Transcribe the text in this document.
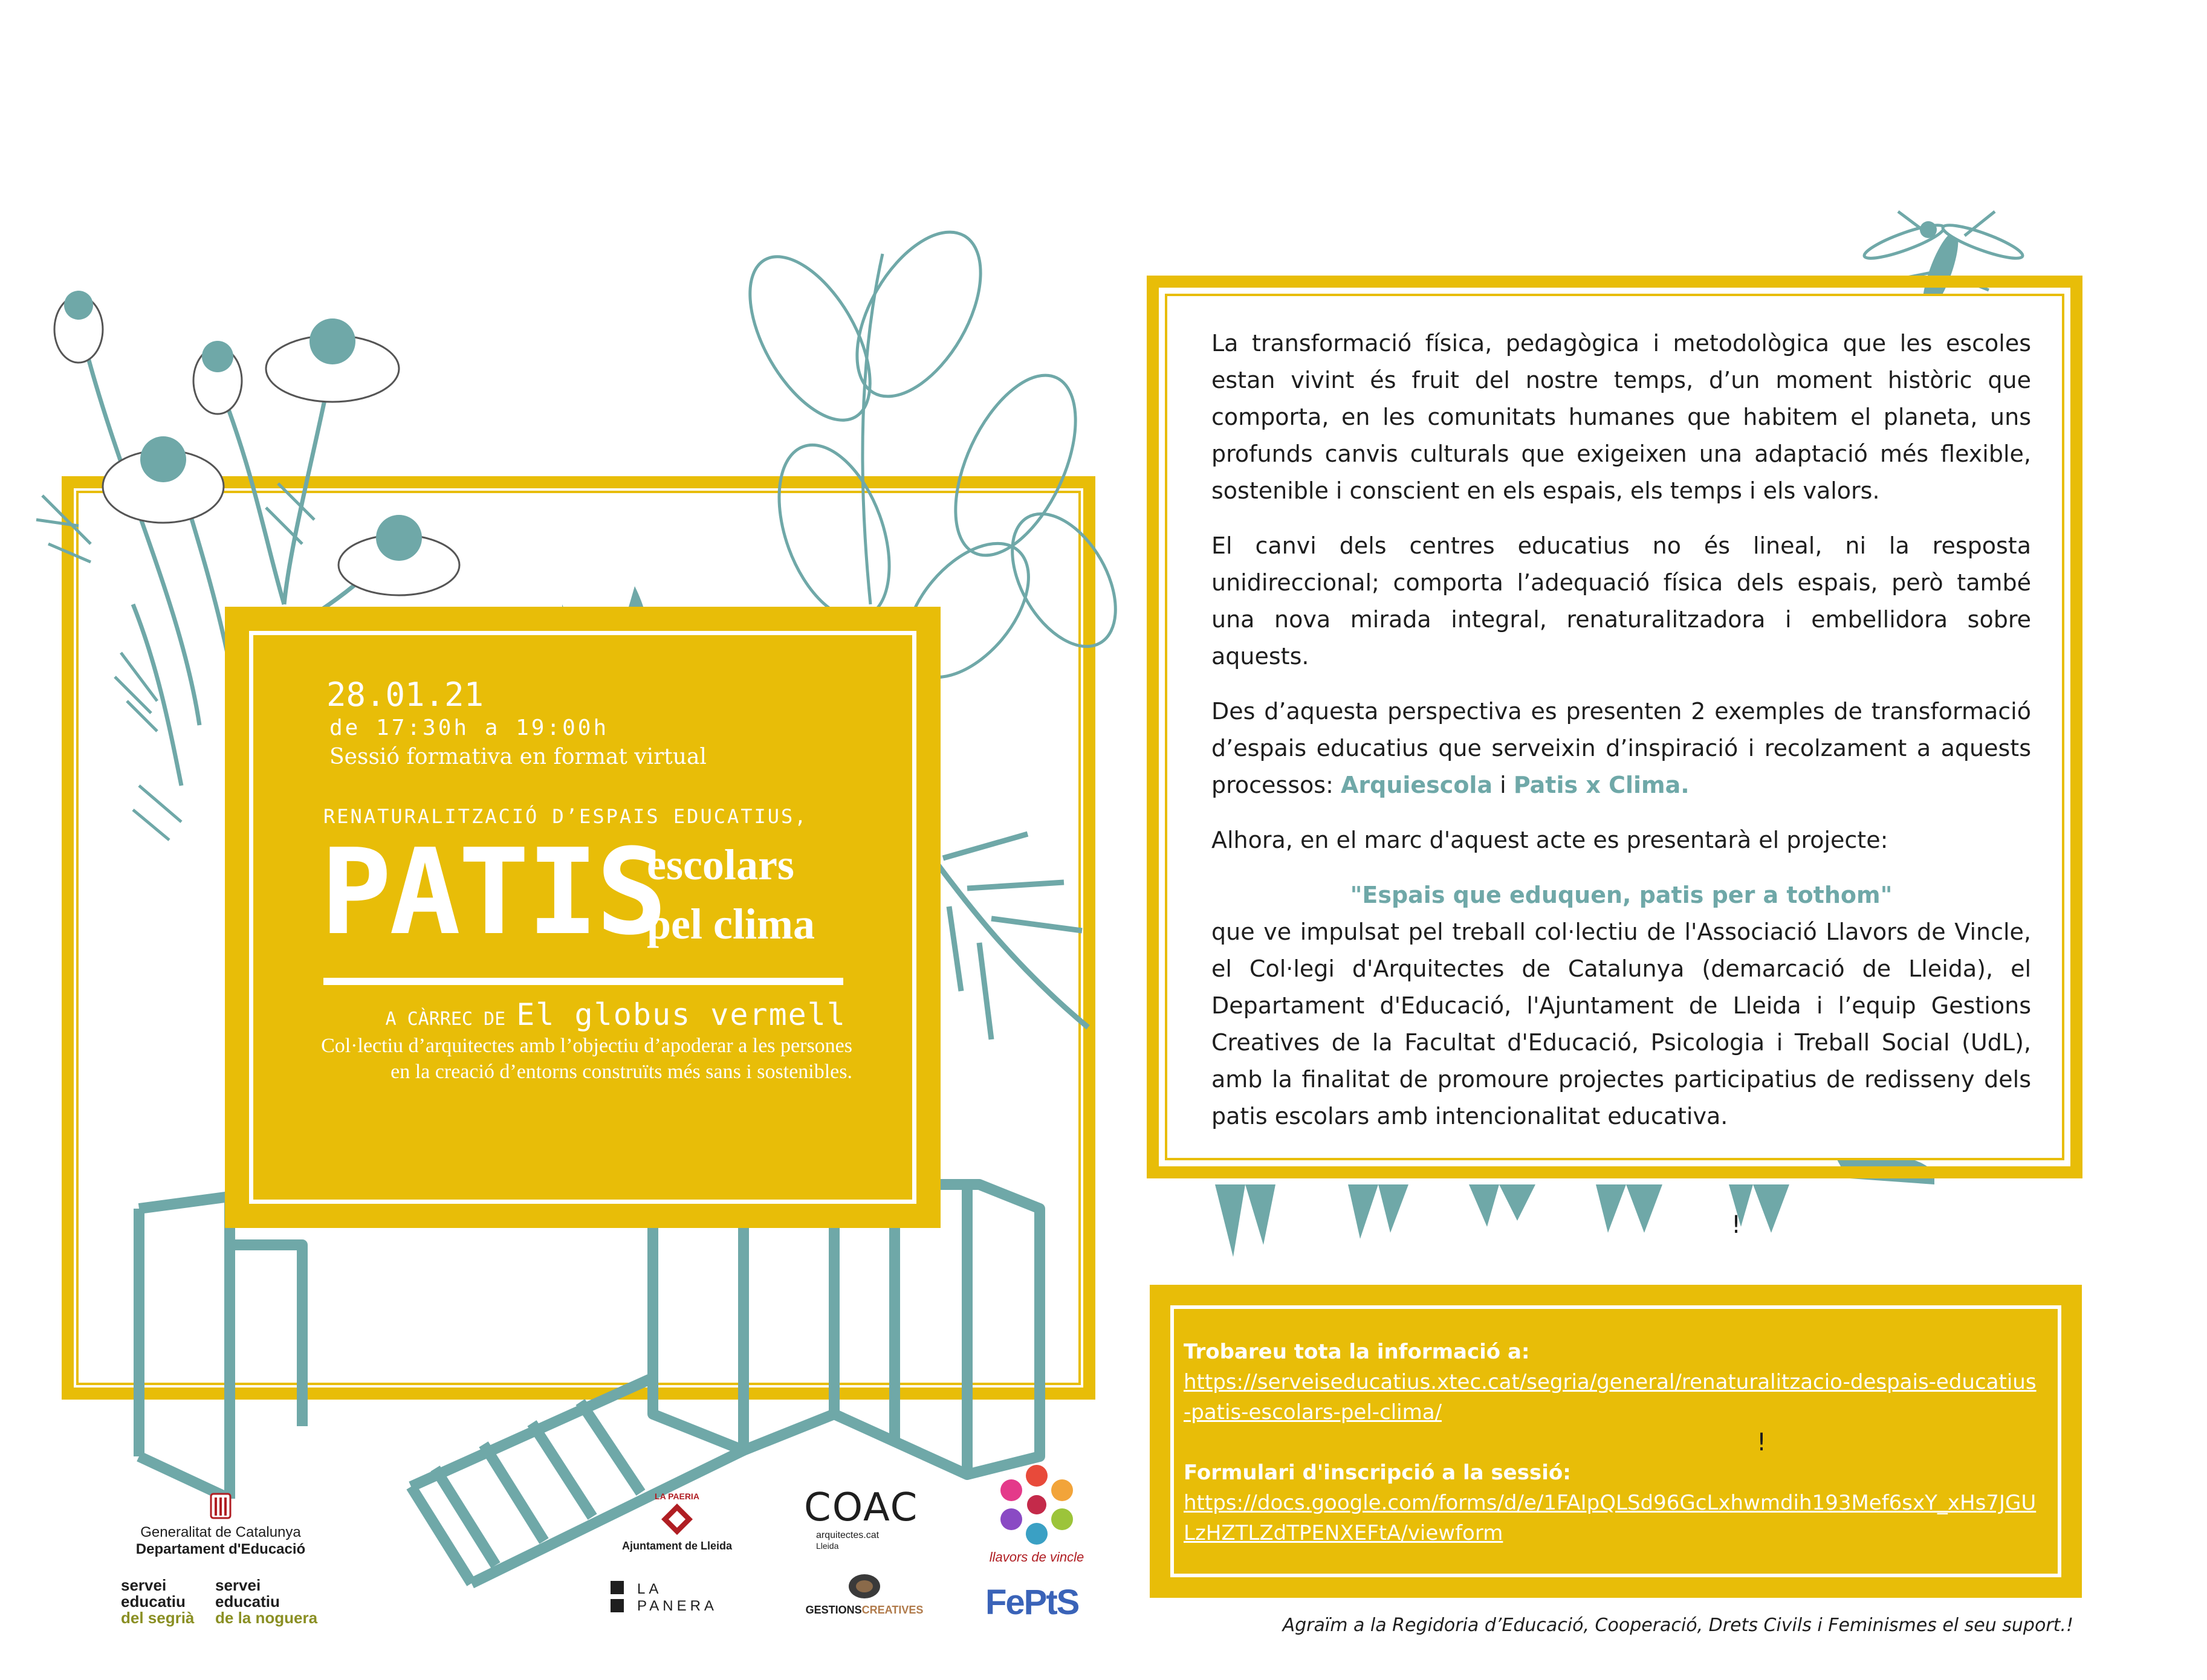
28.01.21
de 17:30h a 19:00h
Sessió formativa en format virtual
RENATURALITZACIÓ D’ESPAIS EDUCATIUS,
PATIS
escolars
pel clima
A CÀRREC DE El globus vermell
Col·lectiu d’arquitectes amb l’objectiu d’apoderar a les persones
en la creació d’entorns construïts més sans i sostenibles.

La transformació física, pedagògica i metodològica que les escoles estan vivint és fruit del nostre temps, d’un moment històric que comporta, en les comunitats humanes que habitem el planeta, uns profunds canvis culturals que exigeixen una adaptació més flexible, sostenible i conscient en els espais, els temps i els valors.

El canvi dels centres educatius no és lineal, ni la resposta unidireccional; comporta l’adequació física dels espais, però també una nova mirada integral, renaturalitzadora i embellidora sobre aquests.

Des d’aquesta perspectiva es presenten 2 exemples de transformació d’espais educatius que serveixin d’inspiració i recolzament a aquests processos: Arquiescola i Patis x Clima.

Alhora, en el marc d'aquest acte es presentarà el projecte:

"Espais que eduquen, patis per a tothom"

que ve impulsat pel treball col·lectiu de l'Associació Llavors de Vincle, el Col·legi d'Arquitectes de Catalunya (demarcació de Lleida), el Departament d'Educació, l'Ajuntament de Lleida i l’equip Gestions Creatives de la Facultat d'Educació, Psicologia i Treball Social (UdL), amb la finalitat de promoure projectes participatius de redisseny dels patis escolars amb intencionalitat educativa.

!
Trobareu tota la informació a:
https://serveiseducatius.xtec.cat/segria/general/renaturalitzacio-despais-educatius-patis-escolars-pel-clima/
!
Formulari d'inscripció a la sessió:
https://docs.google.com/forms/d/e/1FAIpQLSd96GcLxhwmdih193Mef6sxY_xHs7JGULzHZTLZdTPENXEFtA/viewform
Agraïm a la Regidoria d’Educació, Cooperació, Drets Civils i Feminismes el seu suport.!
Generalitat de Catalunya
Departament d'Educació
servei
educatiu
del segrià
servei
educatiu
de la noguera
LA PAERIA
Ajuntament de Lleida
LA
PANERA
COAC
arquitectes.cat
Lleida
GESTIONSCREATIVES
llavors de vincle
FePtS
